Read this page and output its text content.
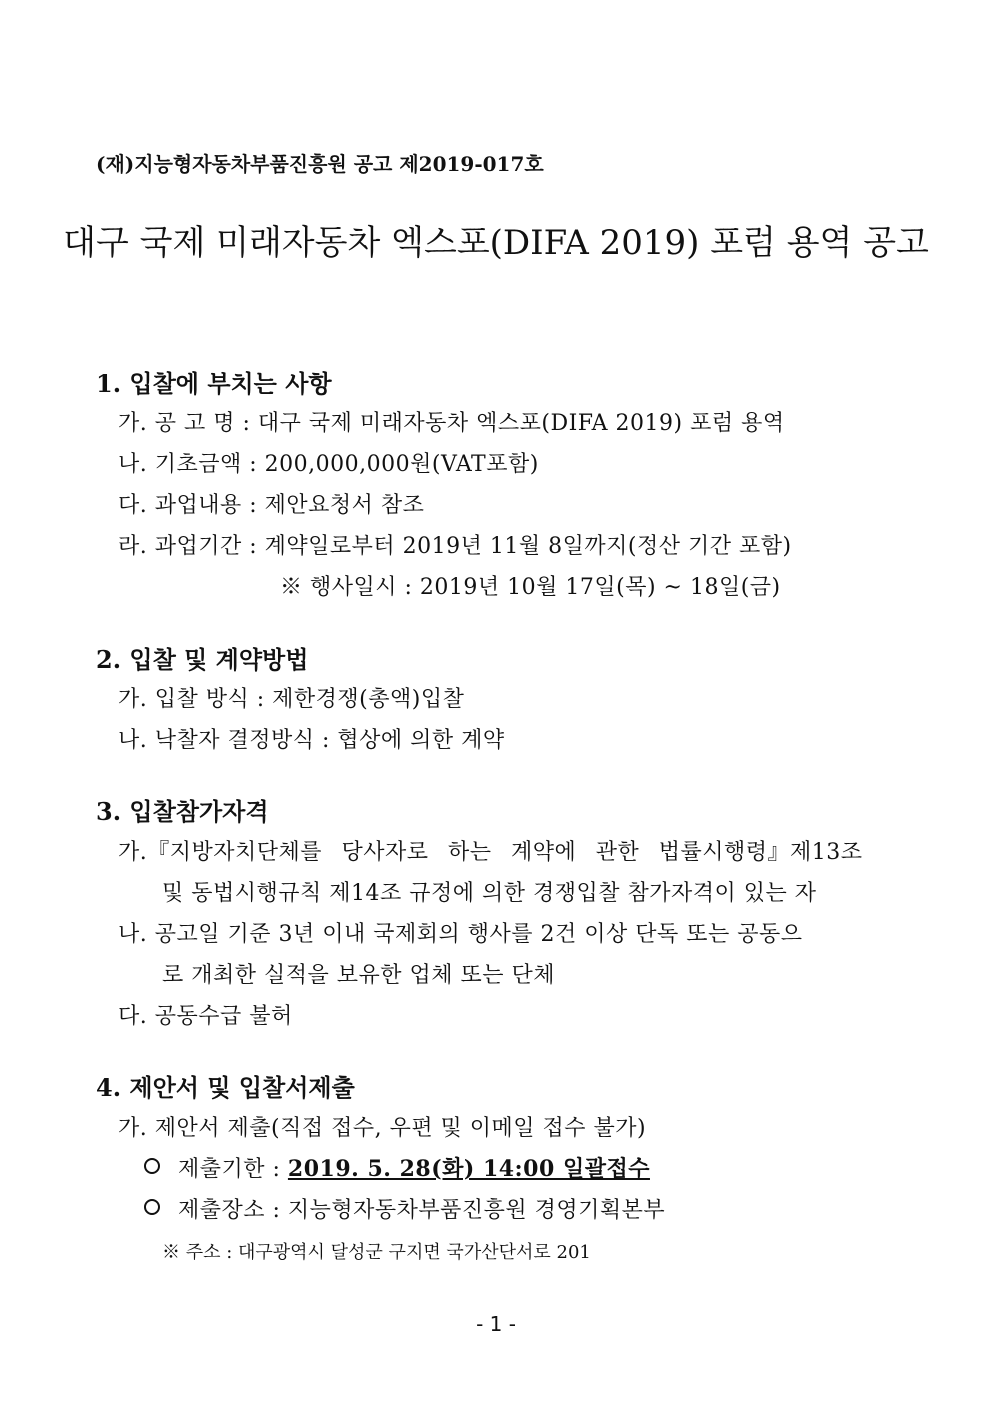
(재)지능형자동차부품진흥원 공고 제2019-017호
대구 국제 미래자동차 엑스포(DIFA 2019) 포럼 용역 공고
1. 입찰에 부치는 사항
가. 공 고 명 : 대구 국제 미래자동차 엑스포(DIFA 2019) 포럼 용역
나. 기초금액 : 200,000,000원(VAT포함)
다. 과업내용 : 제안요청서 참조
라. 과업기간 : 계약일로부터 2019년 11월 8일까지(정산 기간 포함)
※ 행사일시 : 2019년 10월 17일(목) ~ 18일(금)
2. 입찰 및 계약방법
가. 입찰 방식 : 제한경쟁(총액)입찰
나. 낙찰자 결정방식 : 협상에 의한 계약
3. 입찰참가자격
가.『지방자치단체를 당사자로 하는 계약에 관한 법률시행령』제13조
및 동법시행규칙 제14조 규정에 의한 경쟁입찰 참가자격이 있는 자
나. 공고일 기준 3년 이내 국제회의 행사를 2건 이상 단독 또는 공동으
로 개최한 실적을 보유한 업체 또는 단체
다. 공동수급 불허
4. 제안서 및 입찰서제출
가. 제안서 제출(직접 접수, 우편 및 이메일 접수 불가)
제출기한 : 2019. 5. 28(화) 14:00 일괄접수
제출장소 : 지능형자동차부품진흥원 경영기획본부
※ 주소 : 대구광역시 달성군 구지면 국가산단서로 201
- 1 -
